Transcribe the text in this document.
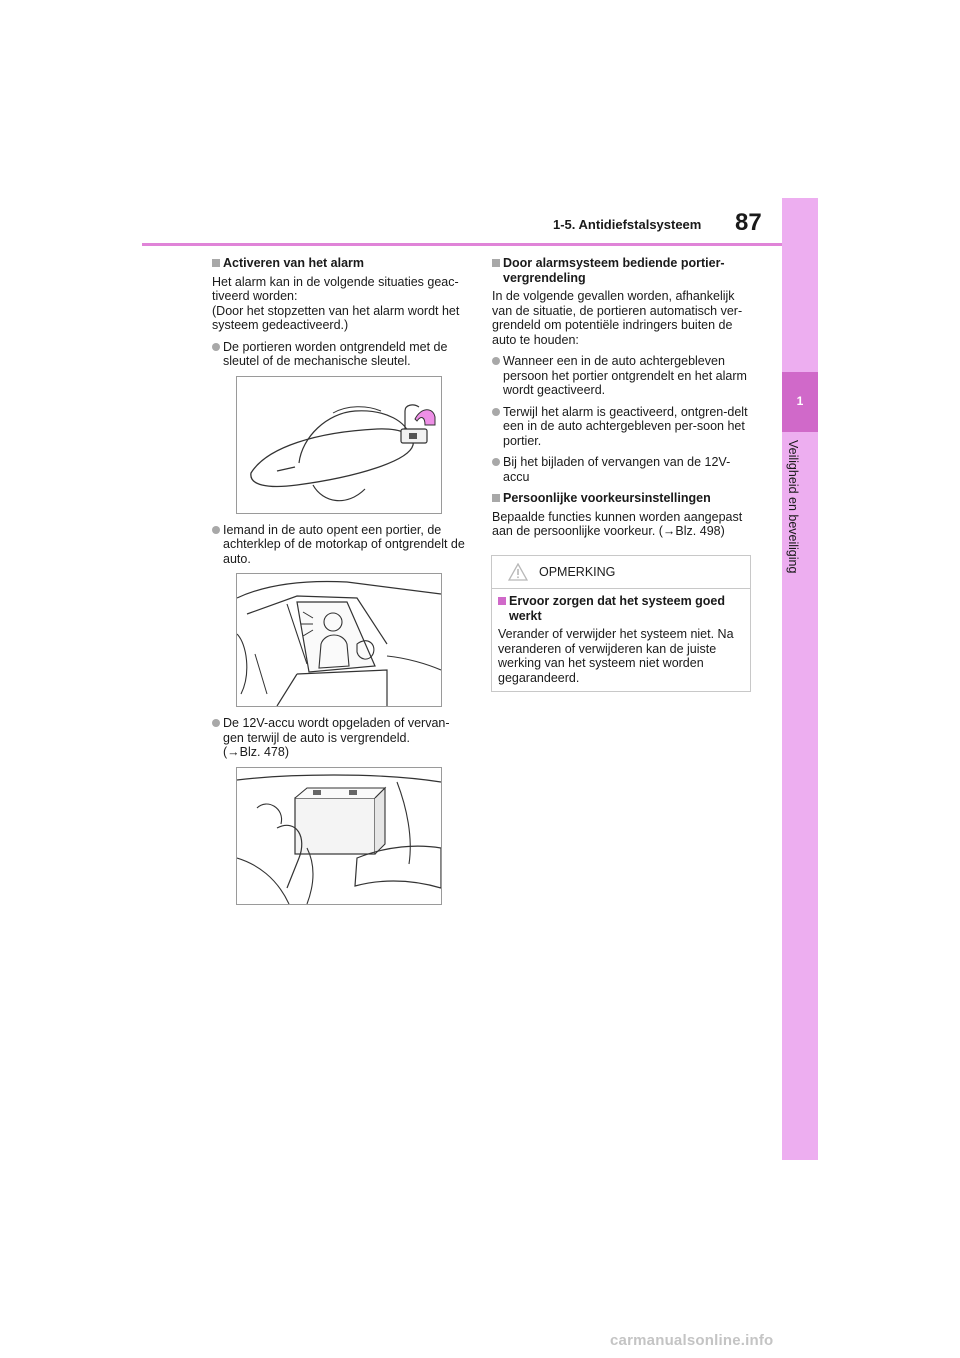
1
Veiligheid en beveiliging
1-5. Antidiefstalsysteem 87
Activeren van het alarm
Het alarm kan in de volgende situaties geac-tiveerd worden:
(Door het stopzetten van het alarm wordt het systeem gedeactiveerd.)
De portieren worden ontgrendeld met de sleutel of de mechanische sleutel.
Iemand in de auto opent een portier, de achterklep of de motorkap of ontgrendelt de auto.
De 12V-accu wordt opgeladen of vervan-gen terwijl de auto is vergrendeld.
(→Blz. 478)
Door alarmsysteem bediende portier-vergrendeling
In de volgende gevallen worden, afhankelijk van de situatie, de portieren automatisch ver-grendeld om potentiële indringers buiten de auto te houden:
Wanneer een in de auto achtergebleven persoon het portier ontgrendelt en het alarm wordt geactiveerd.
Terwijl het alarm is geactiveerd, ontgren-delt een in de auto achtergebleven per-soon het portier.
Bij het bijladen of vervangen van de 12V-accu
Persoonlijke voorkeursinstellingen
Bepaalde functies kunnen worden aangepast aan de persoonlijke voorkeur. (→Blz. 498)
OPMERKING
Ervoor zorgen dat het systeem goed werkt
Verander of verwijder het systeem niet. Na veranderen of verwijderen kan de juiste werking van het systeem niet worden gegarandeerd.
carmanualsonline.info
